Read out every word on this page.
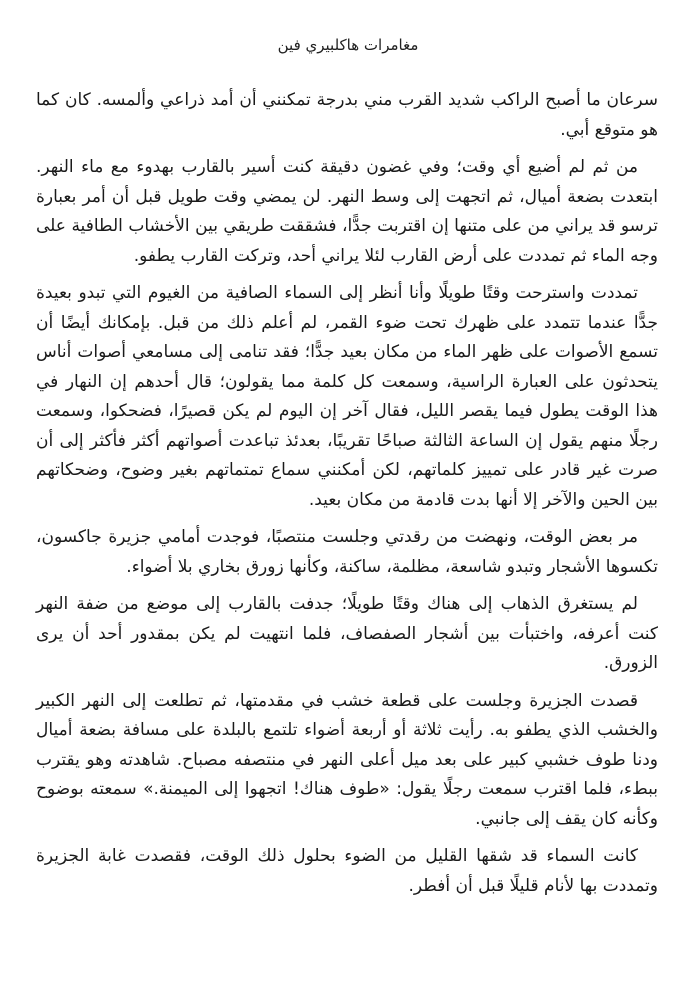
مغامرات هاكلبيري فين

سرعان ما أصبح الراكب شديد القرب مني بدرجة تمكنني أن أمد ذراعي وألمسه. كان كما هو متوقع أبي.

من ثم لم أضيع أي وقت؛ وفي غضون دقيقة كنت أسير بالقارب بهدوء مع ماء النهر. ابتعدت بضعة أميال، ثم اتجهت إلى وسط النهر. لن يمضي وقت طويل قبل أن أمر بعبارة ترسو قد يراني من على متنها إن اقتربت جدًّا، فشققت طريقي بين الأخشاب الطافية على وجه الماء ثم تمددت على أرض القارب لئلا يراني أحد، وتركت القارب يطفو.

تمددت واسترحت وقتًا طويلًا وأنا أنظر إلى السماء الصافية من الغيوم التي تبدو بعيدة جدًّا عندما تتمدد على ظهرك تحت ضوء القمر، لم أعلم ذلك من قبل. بإمكانك أيضًا أن تسمع الأصوات على ظهر الماء من مكان بعيد جدًّا؛ فقد تنامى إلى مسامعي أصوات أناس يتحدثون على العبارة الراسية، وسمعت كل كلمة مما يقولون؛ قال أحدهم إن النهار في هذا الوقت يطول فيما يقصر الليل، فقال آخر إن اليوم لم يكن قصيرًا، فضحكوا، وسمعت رجلًا منهم يقول إن الساعة الثالثة صباحًا تقريبًا، بعدئذ تباعدت أصواتهم أكثر فأكثر إلى أن صرت غير قادر على تمييز كلماتهم، لكن أمكنني سماع تمتماتهم بغير وضوح، وضحكاتهم بين الحين والآخر إلا أنها بدت قادمة من مكان بعيد.

مر بعض الوقت، ونهضت من رقدتي وجلست منتصبًا، فوجدت أمامي جزيرة جاكسون، تكسوها الأشجار وتبدو شاسعة، مظلمة، ساكنة، وكأنها زورق بخاري بلا أضواء.

لم يستغرق الذهاب إلى هناك وقتًا طويلًا؛ جدفت بالقارب إلى موضع من ضفة النهر كنت أعرفه، واختبأت بين أشجار الصفصاف، فلما انتهيت لم يكن بمقدور أحد أن يرى الزورق.

قصدت الجزيرة وجلست على قطعة خشب في مقدمتها، ثم تطلعت إلى النهر الكبير والخشب الذي يطفو به. رأيت ثلاثة أو أربعة أضواء تلتمع بالبلدة على مسافة بضعة أميال ودنا طوف خشبي كبير على بعد ميل أعلى النهر في منتصفه مصباح. شاهدته وهو يقترب ببطء، فلما اقترب سمعت رجلًا يقول: «طوف هناك! اتجهوا إلى الميمنة.» سمعته بوضوح وكأنه كان يقف إلى جانبي.

كانت السماء قد شقها القليل من الضوء بحلول ذلك الوقت، فقصدت غابة الجزيرة وتمددت بها لأنام قليلًا قبل أن أفطر.
